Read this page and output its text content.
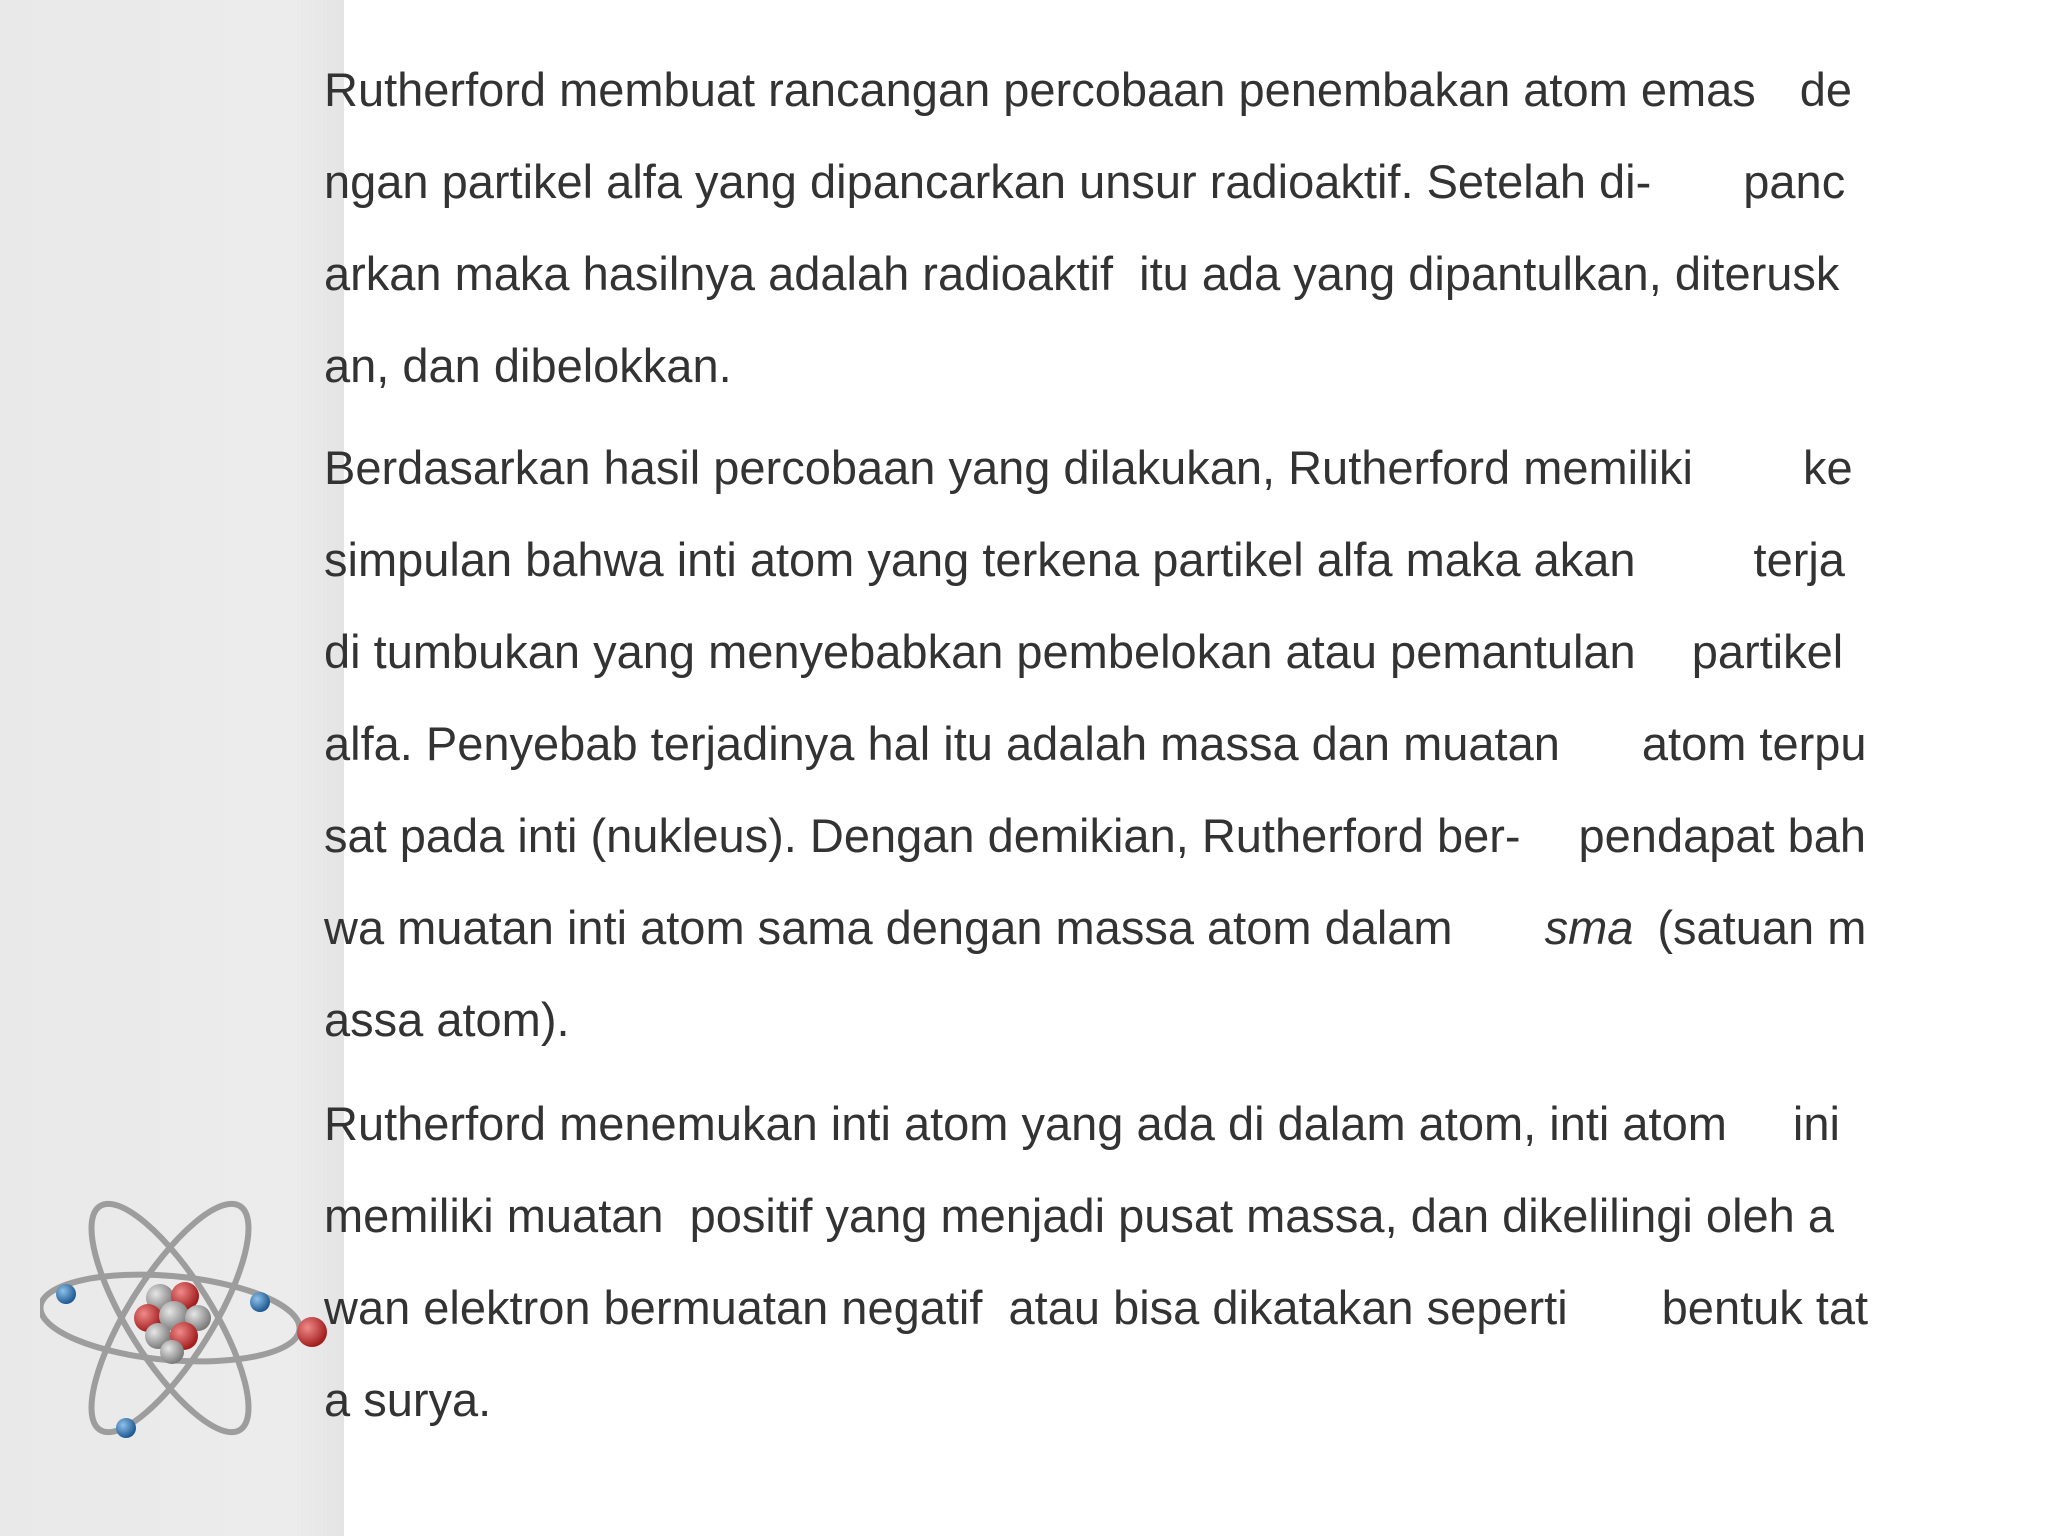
Rutherford membuat rancangan percobaan penembakan atom emas de
ngan partikel alfa yang dipancarkan unsur radioaktif. Setelah di- panc
arkan maka hasilnya adalah radioaktif  itu ada yang dipantulkan, diterusk
an, dan dibelokkan.
Berdasarkan hasil percobaan yang dilakukan, Rutherford memiliki ke
simpulan bahwa inti atom yang terkena partikel alfa maka akan	terja
di tumbukan yang menyebabkan pembelokan atau pemantulan partikel
alfa. Penyebab terjadinya hal itu adalah massa dan muatan atom terpu
sat pada inti (nukleus). Dengan demikian, Rutherford ber- pendapat bah
wa muatan inti atom sama dengan massa atom dalam sma (satuan m
assa atom).
Rutherford menemukan inti atom yang ada di dalam atom, inti atom ini
memiliki muatan  positif yang menjadi pusat massa, dan dikelilingi oleh a
wan elektron bermuatan negatif  atau bisa dikatakan seperti bentuk tat
a surya.
